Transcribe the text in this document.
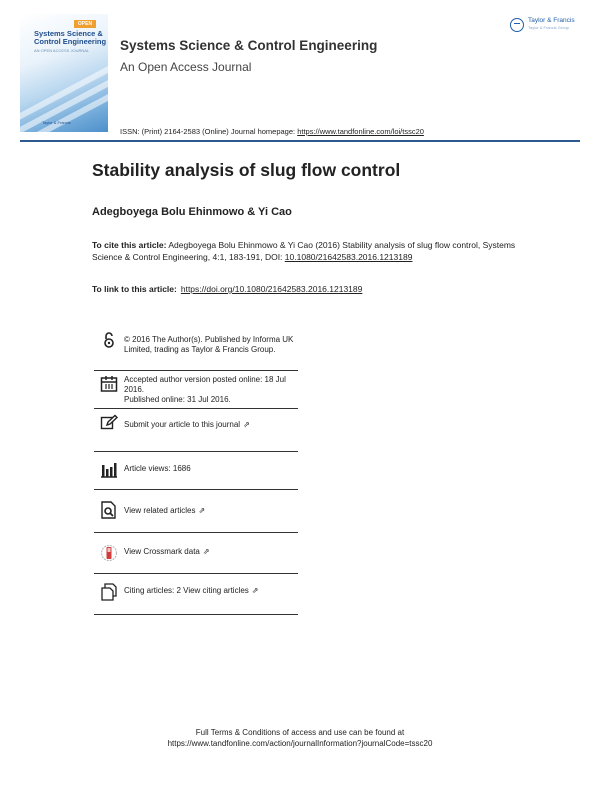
OPEN
Systems Science & Control Engineering
AN OPEN ACCESS JOURNAL
Taylor & Francis
Systems Science & Control Engineering
An Open Access Journal
ISSN: (Print) 2164-2583 (Online) Journal homepage: https://www.tandfonline.com/loi/tssc20
Taylor & Francis
Taylor & Francis Group
Stability analysis of slug flow control
Adegboyega Bolu Ehinmowo & Yi Cao
To cite this article: Adegboyega Bolu Ehinmowo & Yi Cao (2016) Stability analysis of slug flow control, Systems Science & Control Engineering, 4:1, 183-191, DOI: 10.1080/21642583.2016.1213189
To link to this article: https://doi.org/10.1080/21642583.2016.1213189
© 2016 The Author(s). Published by Informa UK Limited, trading as Taylor & Francis Group.
Accepted author version posted online: 18 Jul 2016.
Published online: 31 Jul 2016.
Submit your article to this journal ⇗
Article views: 1686
View related articles ⇗
View Crossmark data ⇗
Citing articles: 2 View citing articles ⇗
Full Terms & Conditions of access and use can be found at
https://www.tandfonline.com/action/journalInformation?journalCode=tssc20
